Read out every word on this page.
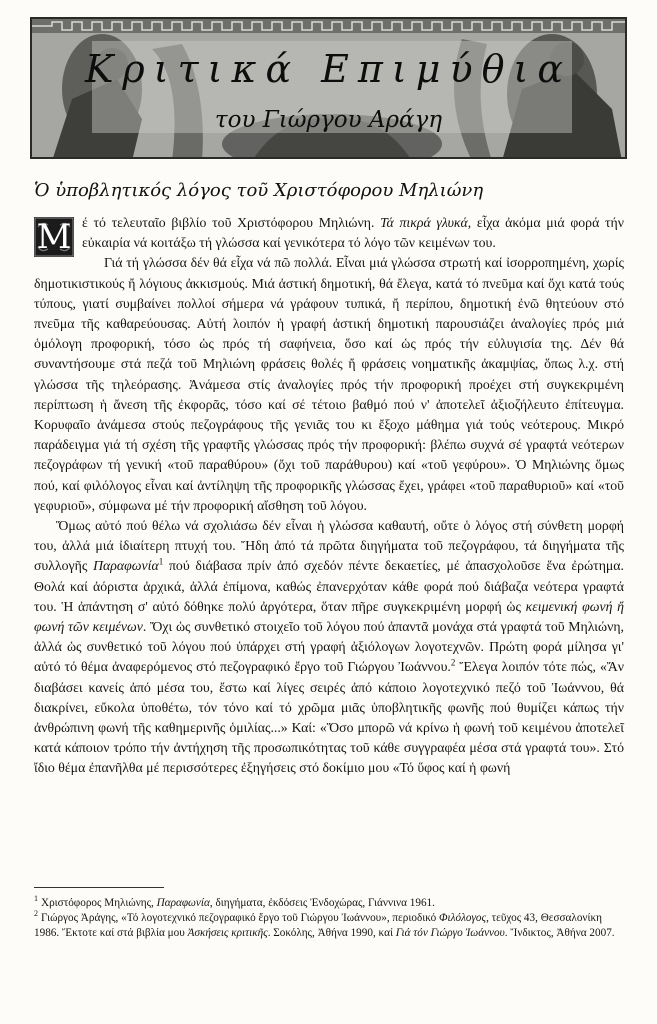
Κριτικά Επιμύθια
του Γιώργου Αράγη
Ὁ ὑποβλητικός λόγος τοῦ Χριστόφορου Μηλιώνη

Μ έ τό τελευταῖο βιβλίο τοῦ Χριστόφορου Μηλιώνη. Τά πικρά γλυκά, εἶχα ἀκόμα μιά φορά τήν εὐκαιρία νά κοιτάξω τή γλώσσα καί γενικότερα τό λόγο τῶν κειμένων του.

Γιά τή γλώσσα δέν θά εἶχα νά πῶ πολλά. Εἶναι μιά γλώσσα στρωτή καί ἰσορροπημένη, χωρίς δημοτικιστικούς ἤ λόγιους ἀκκισμούς. Μιά ἀστική δημοτική, θά ἔλεγα, κατά τό πνεῦμα καί ὄχι κατά τούς τύπους, γιατί συμβαίνει πολλοί σήμερα νά γράφουν τυπικά, ἤ περίπου, δημοτική ἐνῶ θητεύουν στό πνεῦμα τῆς καθαρεύουσας. Αὐτή λοιπόν ἡ γραφή ἀστική δημοτική παρουσιάζει ἀναλογίες πρός μιά ὁμόλογη προφορική, τόσο ὡς πρός τή σαφήνεια, ὅσο καί ὡς πρός τήν εὐλυγισία της. Δέν θά συναντήσουμε στά πεζά τοῦ Μηλιώνη φράσεις θολές ἤ φράσεις νοηματικῆς ἀκαμψίας, ὅπως λ.χ. στή γλώσσα τῆς τηλεόρασης. Ἀνάμεσα στίς ἀναλογίες πρός τήν προφορική προέχει στή συγκεκριμένη περίπτωση ἡ ἄνεση τῆς ἐκφορᾶς, τόσο καί σέ τέτοιο βαθμό πού ν' ἀποτελεῖ ἀξιοζήλευτο ἐπίτευγμα. Κορυφαῖο ἀνάμεσα στούς πεζογράφους τῆς γενιᾶς του κι ἔξοχο μάθημα γιά τούς νεότερους. Μικρό παράδειγμα γιά τή σχέση τῆς γραφτῆς γλώσσας πρός τήν προφορική: βλέπω συχνά σέ γραφτά νεότερων πεζογράφων τή γενική «τοῦ παραθύρου» (ὄχι τοῦ παράθυρου) καί «τοῦ γεφύρου». Ὁ Μηλιώνης ὅμως πού, καί φιλόλογος εἶναι καί ἀντίληψη τῆς προφορικῆς γλώσσας ἔχει, γράφει «τοῦ παραθυριοῦ» καί «τοῦ γεφυριοῦ», σύμφωνα μέ τήν προφορική αἴσθηση τοῦ λόγου.

Ὅμως αὐτό πού θέλω νά σχολιάσω δέν εἶναι ἡ γλώσσα καθαυτή, οὔτε ὁ λόγος στή σύνθετη μορφή του, ἀλλά μιά ἰδιαίτερη πτυχή του. Ἤδη ἀπό τά πρῶτα διηγήματα τοῦ πεζογράφου, τά διηγήματα τῆς συλλογῆς Παραφωνία$^1$ πού διάβασα πρίν ἀπό σχεδόν πέντε δεκαετίες, μέ ἀπασχολοῦσε ἕνα ἐρώτημα. Θολά καί ἀόριστα ἀρχικά, ἀλλά ἐπίμονα, καθώς ἐπανερχόταν κάθε φορά πού διάβαζα νεότερα γραφτά του. Ἡ ἀπάντηση σ' αὐτό δόθηκε πολύ ἀργότερα, ὅταν πῆρε συγκεκριμένη μορφή ὡς κειμενική φωνή ἤ φωνή τῶν κειμένων. Ὄχι ὡς συνθετικό στοιχεῖο τοῦ λόγου πού ἀπαντᾶ μονάχα στά γραφτά τοῦ Μηλιώνη, ἀλλά ὡς συνθετικό τοῦ λόγου πού ὑπάρχει στή γραφή ἀξιόλογων λογοτεχνῶν. Πρώτη φορά μίλησα γι' αὐτό τό θέμα ἀναφερόμενος στό πεζογραφικό ἔργο τοῦ Γιώργου Ἰωάννου.$^2$ Ἔλεγα λοιπόν τότε πώς, «Ἄν διαβάσει κανείς ἀπό μέσα του, ἔστω καί λίγες σειρές ἀπό κάποιο λογοτεχνικό πεζό τοῦ Ἰωάννου, θά διακρίνει, εὔκολα ὑποθέτω, τόν τόνο καί τό χρῶμα μιᾶς ὑποβλητικῆς φωνῆς πού θυμίζει κάπως τήν ἀνθρώπινη φωνή τῆς καθημερινῆς ὁμιλίας...» Καί: «Ὅσο μπορῶ νά κρίνω ἡ φωνή τοῦ κειμένου ἀποτελεῖ κατά κάποιον τρόπο τήν ἀντήχηση τῆς προσωπικότητας τοῦ κάθε συγγραφέα μέσα στά γραφτά του». Στό ἴδιο θέμα ἐπανῆλθα μέ περισσότερες ἐξηγήσεις στό δοκίμιο μου «Τό ὕφος καί ἡ φωνή

$^1$ Χριστόφορος Μηλιώνης, Παραφωνία, διηγήματα, ἐκδόσεις Ἐνδοχώρας, Γιάννινα 1961.

$^2$ Γιώργος Ἀράγης, «Τό λογοτεχνικό πεζογραφικό ἔργο τοῦ Γιώργου Ἰωάννου», περιοδικό Φιλόλογος, τεῦχος 43, Θεσσαλονίκη 1986. Ἔκτοτε καί στά βιβλία μου Ἀσκήσεις κριτικῆς. Σοκόλης, Ἀθήνα 1990, καί Γιά τόν Γιώργο Ἰωάννου. Ἴνδικτος, Ἀθήνα 2007.
